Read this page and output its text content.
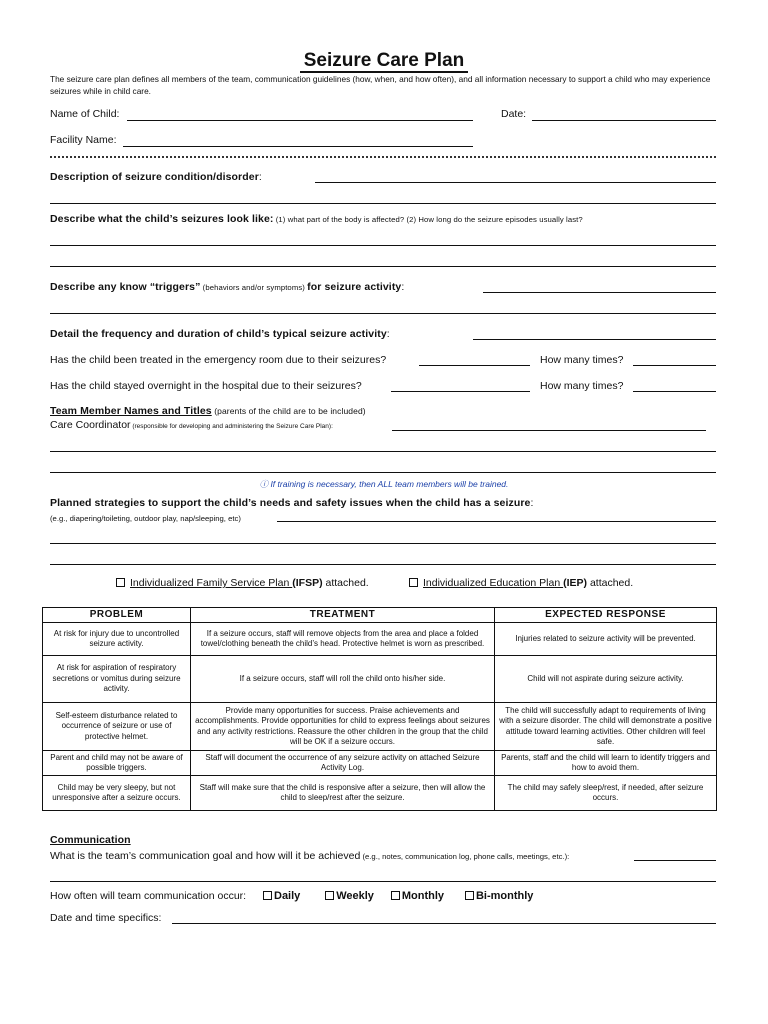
Seizure Care Plan
The seizure care plan defines all members of the team, communication guidelines (how, when, and how often), and all information necessary to support a child who may experience seizures while in child care.
Name of Child:	Date:
Facility Name:
Description of seizure condition/disorder:
Describe what the child’s seizures look like: (1) what part of the body is affected? (2) How long do the seizure episodes usually last?
Describe any know “triggers” (behaviors and/or symptoms) for seizure activity:
Detail the frequency and duration of child’s typical seizure activity:
Has the child been treated in the emergency room due to their seizures?	How many times?
Has the child stayed overnight in the hospital due to their seizures?	How many times?
Team Member Names and Titles (parents of the child are to be included)
Care Coordinator (responsible for developing and administering the Seizure Care Plan):
ⓘ If training is necessary, then ALL team members will be trained.
Planned strategies to support the child’s needs and safety issues when the child has a seizure:
(e.g., diapering/toileting, outdoor play, nap/sleeping, etc)
Individualized Family Service Plan (IFSP) attached.	Individualized Education Plan (IEP) attached.
PROBLEM	TREATMENT	EXPECTED RESPONSE
At risk for injury due to uncontrolled seizure activity.	If a seizure occurs, staff will remove objects from the area and place a folded towel/clothing beneath the child’s head. Protective helmet is worn as prescribed.	Injuries related to seizure activity will be prevented.
At risk for aspiration of respiratory secretions or vomitus during seizure activity.	If a seizure occurs, staff will roll the child onto his/her side.	Child will not aspirate during seizure activity.
Self-esteem disturbance related to occurrence of seizure or use of protective helmet.	Provide many opportunities for success. Praise achievements and accomplishments. Provide opportunities for child to express feelings about seizures and any activity restrictions. Reassure the other children in the group that the child will be OK if a seizure occurs.	The child will successfully adapt to requirements of living with a seizure disorder. The child will demonstrate a positive attitude toward learning activities. Other children will feel safe.
Parent and child may not be aware of possible triggers.	Staff will document the occurrence of any seizure activity on attached Seizure Activity Log.	Parents, staff and the child will learn to identify triggers and how to avoid them.
Child may be very sleepy, but not unresponsive after a seizure occurs.	Staff will make sure that the child is responsive after a seizure, then will allow the child to sleep/rest after the seizure.	The child may safely sleep/rest, if needed, after seizure occurs.
Communication
What is the team’s communication goal and how will it be achieved (e.g., notes, communication log, phone calls, meetings, etc.):
How often will team communication occur:	Daily	Weekly	Monthly	Bi-monthly
Date and time specifics:
